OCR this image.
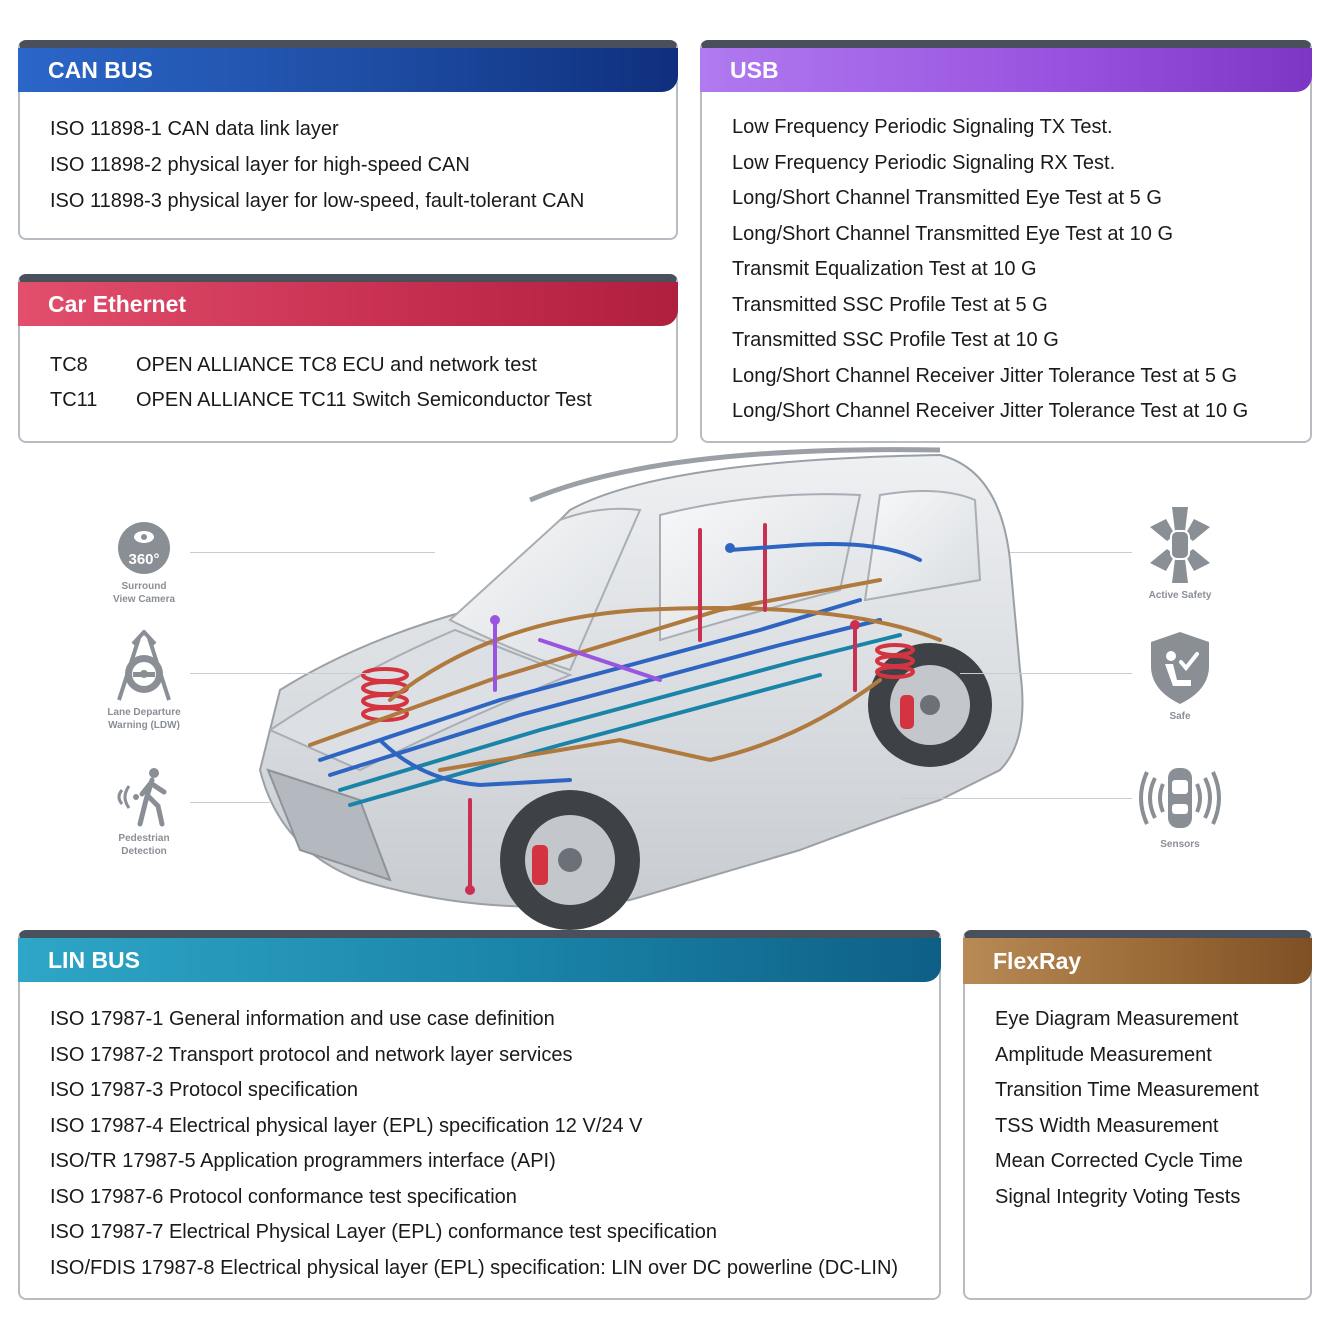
CAN BUS
ISO 11898-1 CAN data link layer
ISO 11898-2 physical layer for high-speed CAN
ISO 11898-3 physical layer for low-speed, fault-tolerant CAN
Car Ethernet
TC8 OPEN ALLIANCE TC8 ECU and network test
TC11 OPEN ALLIANCE TC11 Switch Semiconductor Test
USB
Low Frequency Periodic Signaling TX Test.
Low Frequency Periodic Signaling RX Test.
Long/Short Channel Transmitted Eye Test at 5 G
Long/Short Channel Transmitted Eye Test at 10 G
Transmit Equalization Test at 10 G
Transmitted SSC Profile Test at 5 G
Transmitted SSC Profile Test at 10 G
Long/Short Channel Receiver Jitter Tolerance Test at 5 G
Long/Short Channel Receiver Jitter Tolerance Test at 10 G
360°
Surround
View Camera
Lane Departure
Warning (LDW)
Pedestrian
Detection
Active Safety
Safe
Sensors
LIN BUS
ISO 17987-1 General information and use case definition
ISO 17987-2 Transport protocol and network layer services
ISO 17987-3 Protocol specification
ISO 17987-4 Electrical physical layer (EPL) specification 12 V/24 V
ISO/TR 17987-5 Application programmers interface (API)
ISO 17987-6 Protocol conformance test specification
ISO 17987-7 Electrical Physical Layer (EPL) conformance test specification
ISO/FDIS 17987-8 Electrical physical layer (EPL) specification: LIN over DC powerline (DC-LIN)
FlexRay
Eye Diagram Measurement
Amplitude Measurement
Transition Time Measurement
TSS Width Measurement
Mean Corrected Cycle Time
Signal Integrity Voting Tests
